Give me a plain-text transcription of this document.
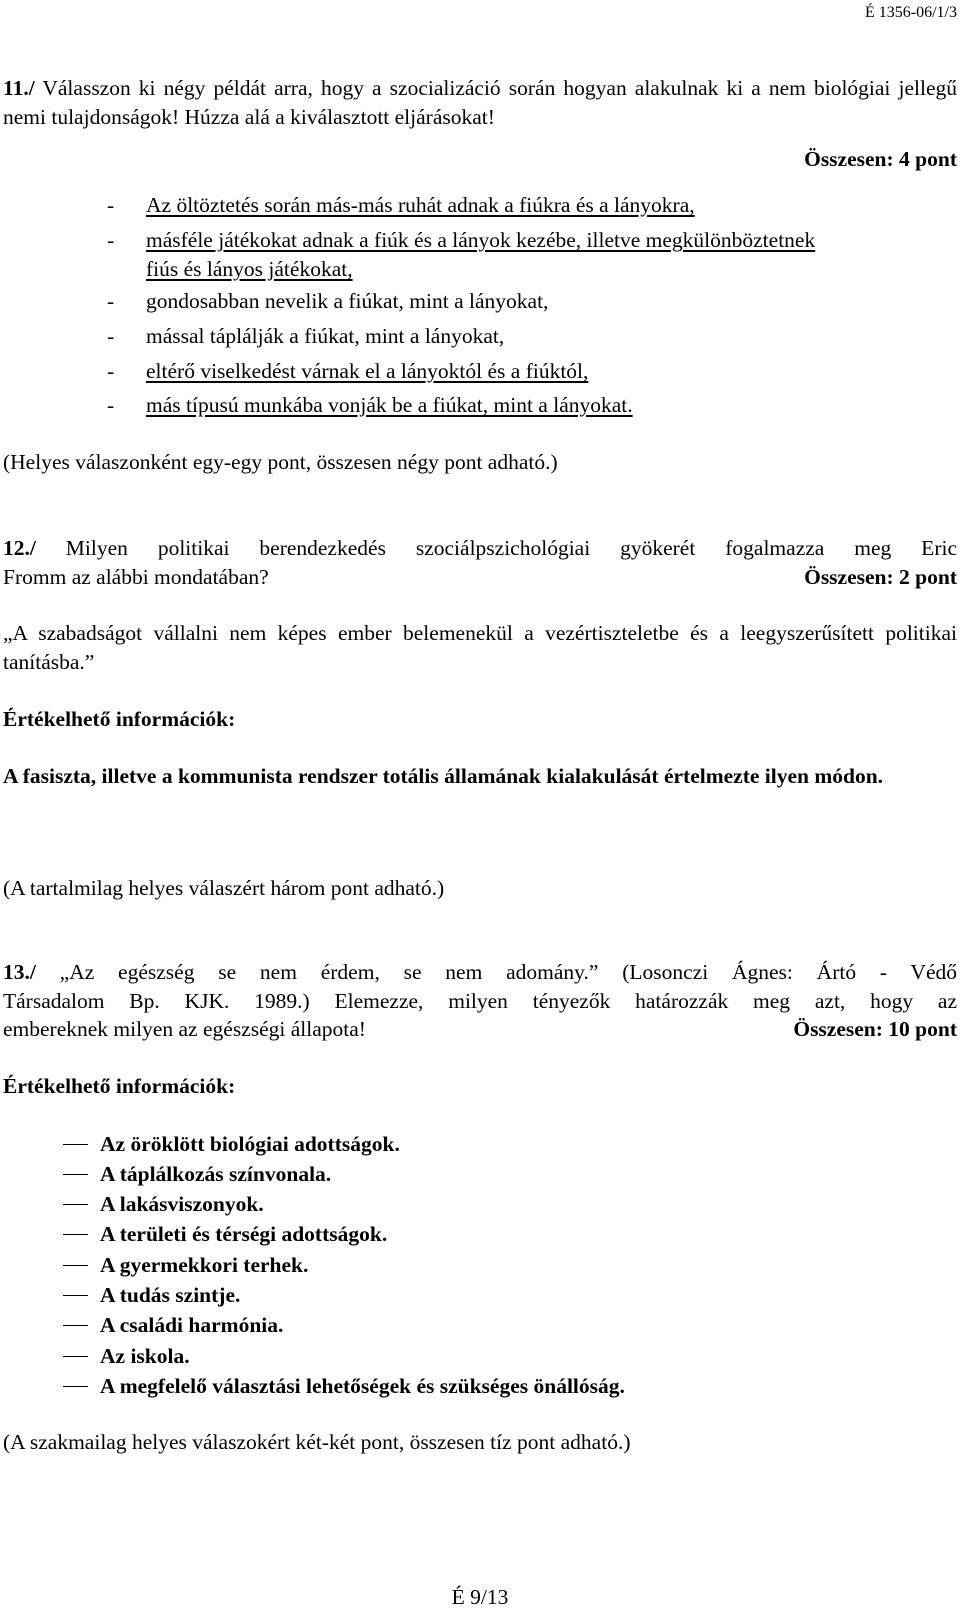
É 1356-06/1/3
11./ Válasszon ki négy példát arra, hogy a szocializáció során hogyan alakulnak ki a nem biológiai jellegű nemi tulajdonságok! Húzza alá a kiválasztott eljárásokat!
Összesen: 4 pont
- Az öltöztetés során más-más ruhát adnak a fiúkra és a lányokra,
- másféle játékokat adnak a fiúk és a lányok kezébe, illetve megkülönböztetnek
fiús és lányos játékokat,
- gondosabban nevelik a fiúkat, mint a lányokat,
- mással táplálják a fiúkat, mint a lányokat,
- eltérő viselkedést várnak el a lányoktól és a fiúktól,
- más típusú munkába vonják be a fiúkat, mint a lányokat.
(Helyes válaszonként egy-egy pont, összesen négy pont adható.)
12./ Milyen politikai berendezkedés szociálpszichológiai gyökerét fogalmazza meg Eric
Fromm az alábbi mondatában?	Összesen: 2 pont
„A szabadságot vállalni nem képes ember belemenekül a vezértiszteletbe és a leegyszerűsített politikai tanításba.”
Értékelhető információk:
A fasiszta, illetve a kommunista rendszer totális államának kialakulását értelmezte ilyen módon.
(A tartalmilag helyes válaszért három pont adható.)
13./ „Az egészség se nem érdem, se nem adomány.” (Losonczi Ágnes: Ártó - Védő
Társadalom Bp. KJK. 1989.) Elemezze, milyen tényezők határozzák meg azt, hogy az
embereknek milyen az egészségi állapota!	Összesen: 10 pont
Értékelhető információk:
Az öröklött biológiai adottságok.
A táplálkozás színvonala.
A lakásviszonyok.
A területi és térségi adottságok.
A gyermekkori terhek.
A tudás szintje.
A családi harmónia.
Az iskola.
A megfelelő választási lehetőségek és szükséges önállóság.
(A szakmailag helyes válaszokért két-két pont, összesen tíz pont adható.)
É 9/13
